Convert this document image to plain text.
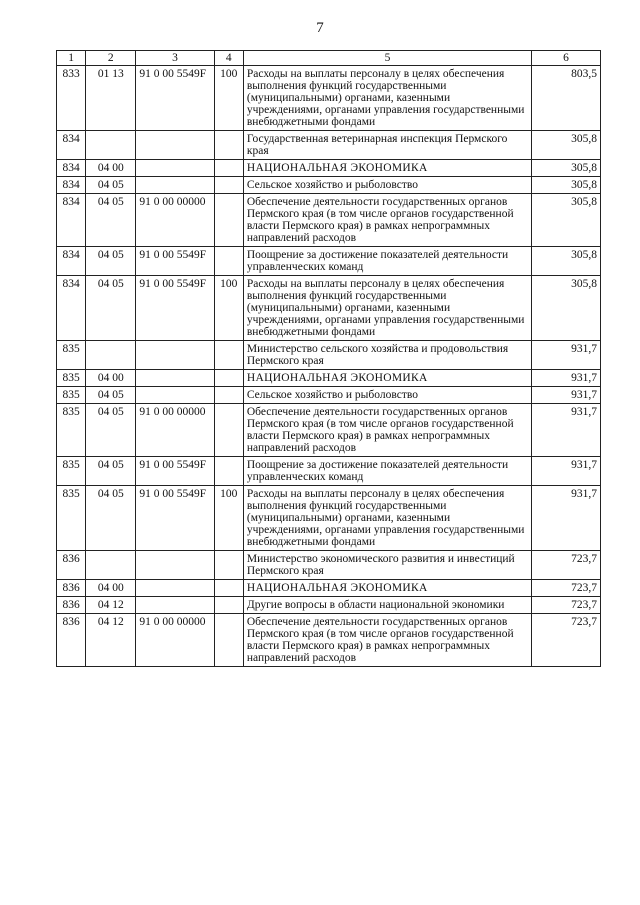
7
1	2	3	4	5	6
833	01 13	91 0 00 5549F	100	Расходы на выплаты персоналу в целях обеспечения выполнения функций государственными (муниципальными) органами, казенными учреждениями, органами управления государственными внебюджетными фондами	803,5
834				Государственная ветеринарная инспекция Пермского края	305,8
834	04 00			НАЦИОНАЛЬНАЯ ЭКОНОМИКА	305,8
834	04 05			Сельское хозяйство и рыболовство	305,8
834	04 05	91 0 00 00000		Обеспечение деятельности государственных органов Пермского края (в том числе органов государственной власти Пермского края) в рамках непрограммных направлений расходов	305,8
834	04 05	91 0 00 5549F		Поощрение за достижение показателей деятельности управленческих команд	305,8
834	04 05	91 0 00 5549F	100	Расходы на выплаты персоналу в целях обеспечения выполнения функций государственными (муниципальными) органами, казенными учреждениями, органами управления государственными внебюджетными фондами	305,8
835				Министерство сельского хозяйства и продовольствия Пермского края	931,7
835	04 00			НАЦИОНАЛЬНАЯ ЭКОНОМИКА	931,7
835	04 05			Сельское хозяйство и рыболовство	931,7
835	04 05	91 0 00 00000		Обеспечение деятельности государственных органов Пермского края (в том числе органов государственной власти Пермского края) в рамках непрограммных направлений расходов	931,7
835	04 05	91 0 00 5549F		Поощрение за достижение показателей деятельности управленческих команд	931,7
835	04 05	91 0 00 5549F	100	Расходы на выплаты персоналу в целях обеспечения выполнения функций государственными (муниципальными) органами, казенными учреждениями, органами управления государственными внебюджетными фондами	931,7
836				Министерство экономического развития и инвестиций Пермского края	723,7
836	04 00			НАЦИОНАЛЬНАЯ ЭКОНОМИКА	723,7
836	04 12			Другие вопросы в области национальной экономики	723,7
836	04 12	91 0 00 00000		Обеспечение деятельности государственных органов Пермского края (в том числе органов государственной власти Пермского края) в рамках непрограммных направлений расходов	723,7
